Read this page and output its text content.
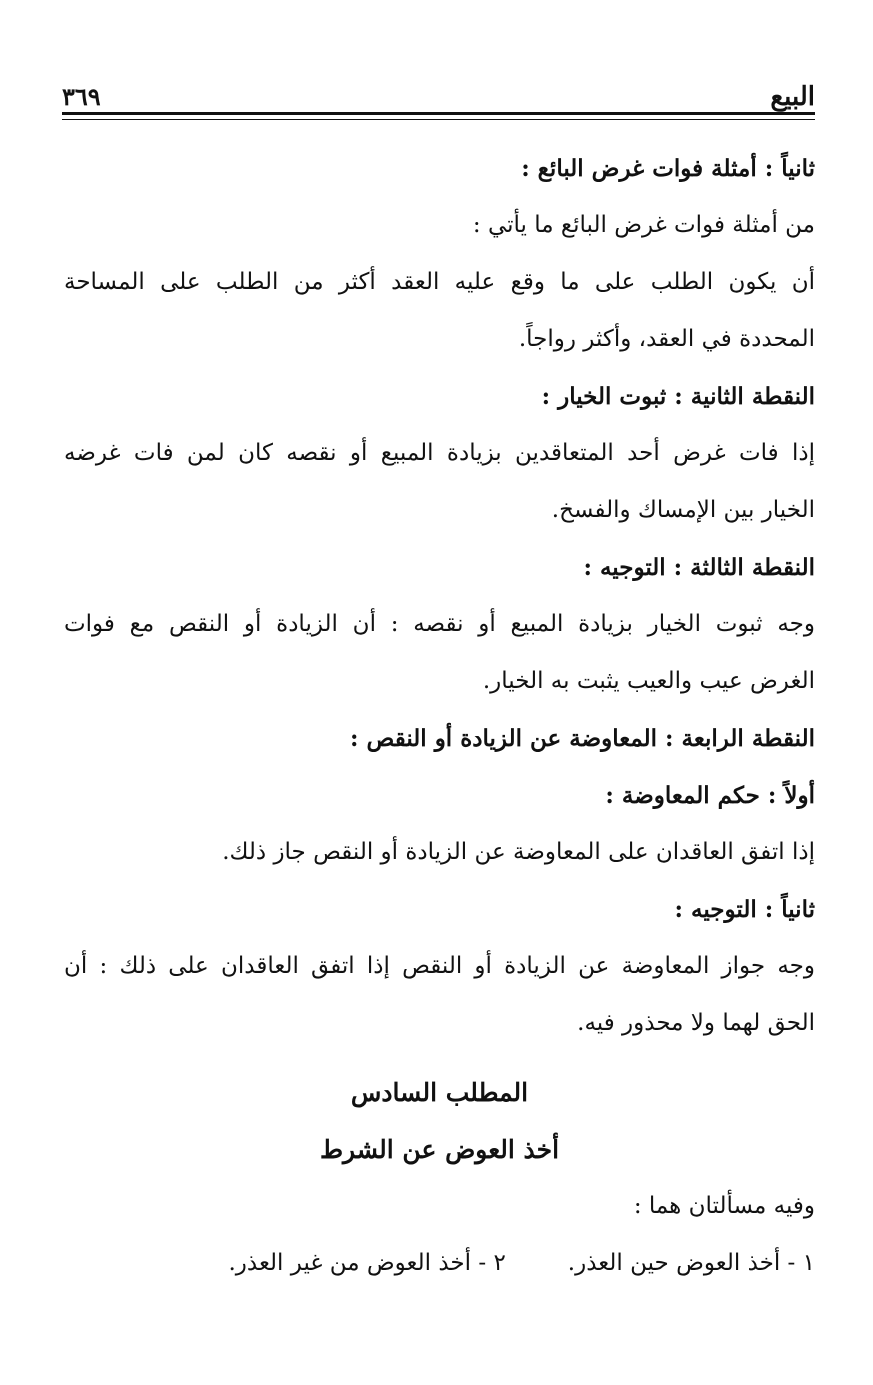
البيع
٣٦٩
ثانياً : أمثلة فوات غرض البائع :
من أمثلة فوات غرض البائع ما يأتي :
أن يكون الطلب على ما وقع عليه العقد أكثر من الطلب على المساحة
المحددة في العقد، وأكثر رواجاً.
النقطة الثانية : ثبوت الخيار :
إذا فات غرض أحد المتعاقدين بزيادة المبيع أو نقصه كان لمن فات غرضه
الخيار بين الإمساك والفسخ.
النقطة الثالثة : التوجيه :
وجه ثبوت الخيار بزيادة المبيع أو نقصه : أن الزيادة أو النقص مع فوات
الغرض عيب والعيب يثبت به الخيار.
النقطة الرابعة : المعاوضة عن الزيادة أو النقص :
أولاً : حكم المعاوضة :
إذا اتفق العاقدان على المعاوضة عن الزيادة أو النقص جاز ذلك.
ثانياً : التوجيه :
وجه جواز المعاوضة عن الزيادة أو النقص إذا اتفق العاقدان على ذلك : أن
الحق لهما ولا محذور فيه.
المطلب السادس
أخذ العوض عن الشرط
وفيه مسألتان هما :
١ - أخذ العوض حين العذر.
٢ - أخذ العوض من غير العذر.
